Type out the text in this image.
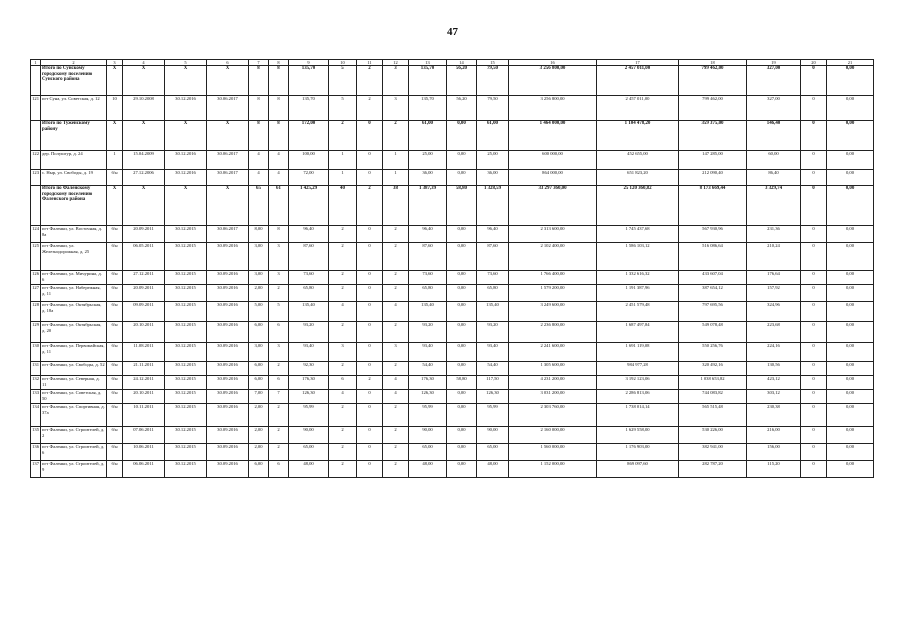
47
1	2	3	4	5	6	7	8	9	10	11	12	13	14	15	16	17	18	19	20	21
	Итого по Сунскому городскому поселению Сунского района	X	X	X	X	8	8	135,70	5	2	3	135,70	56,20	79,50	3 256 800,00	2 457 011,00	799 462,00	327,00	0	0,00
121	пгт Суна, ул. Советская, д. 12	10	29.10.2008	30.12.2016	30.06.2017	8	8	135,70	5	2	3	135,70	56,20	79,50	3 256 800,00	2 457 011,00	799 462,00	327,00	0	0,00
	Итого по Туженскому району	X	X	X	X	8	8	172,00	2	0	2	61,00	0,00	61,00	1 464 000,00	1 104 478,20	359 375,00	146,40	0	0,00
122	дер. Полушгур, д. 24	1	15.04.2009	30.12.2016	30.06.2017	4	4	100,00	1	0	1	25,00	0,00	25,00	600 000,00	452 655,00	147 285,00	60,00	0	0,00
123	с. Ныр, ул. Свободы, д. 19	б/н	27.12.2006	30.12.2016	30.06.2017	4	4	72,00	1	0	1	36,00	0,00	36,00	864 000,00	651 823,20	212 090,40	86,40	0	0,00
	Итого по Фаленскому городскому поселению Фаленского района	X	X	X	X	65	61	1 425,29	40	2	38	1 387,39	58,80	1 328,59	33 297 360,00	25 120 360,82	8 173 669,44	3 329,74	0	0,00
124	пгт Фаленки, ул. Восточная, д. 8а	б/н	20.09.2011	30.12.2015	30.06.2017	8,00	8	96,40	2	0	2	96,40	0,00	96,40	2 313 600,00	1 745 437,68	567 930,96	231,36	0	0,00
125	пгт Фаленки, ул. Железнодорожная, д. 25	б/н	06.05.2011	30.12.2015	30.09.2016	3,00	3	87,60	2	0	2	87,60	0,00	87,60	2 102 400,00	1 586 103,12	516 086,64	210,24	0	0,00
126	пгт Фаленки, ул. Мичурина, д. 6	б/н	27.12.2011	30.12.2015	30.09.2016	3,00	3	73,60	2	0	2	73,60	0,00	73,60	1 766 400,00	1 332 616,32	433 607,04	176,64	0	0,00
127	пгт Фаленки, ул. Набережная, д. 11	б/н	20.09.2011	30.12.2015	30.09.2016	2,00	2	65,80	2	0	2	65,80	0,00	65,80	1 579 200,00	1 191 387,96	387 654,12	157,92	0	0,00
128	пгт Фаленки, ул. Октябрьская, д. 18а	б/н	09.09.2011	30.12.2015	30.09.2016	5,00	5	135,40	4	0	4	135,40	0,00	135,40	3 249 600,00	2 451 579,48	797 695,56	324,96	0	0,00
129	пгт Фаленки, ул. Октябрьская, д. 20	б/н	20.10.2011	30.12.2015	30.09.2016	6,00	6	93,20	2	0	2	93,20	0,00	93,20	2 236 800,00	1 687 497,84	549 078,48	223,68	0	0,00
130	пгт Фаленки, ул. Первомайская, д. 11	б/н	11.08.2011	30.12.2015	30.09.2016	3,00	3	93,40	3	0	3	93,40	0,00	93,40	2 241 600,00	1 691 119,08	550 256,76	224,16	0	0,00
131	пгт Фаленки, ул. Свободы, д. 52	б/н	21.11.2011	30.12.2015	30.09.2016	6,00	2	92,30	2	0	2	54,40	0,00	54,40	1 305 600,00	984 977,28	320 492,16	130,56	0	0,00
132	пгт Фаленки, ул. Северная, д. 11	б/н	24.12.2011	30.12.2015	30.09.2016	6,00	6	176,30	6	2	4	176,30	58,80	117,50	4 231 200,00	3 192 123,06	1 038 653,82	423,12	0	0,00
133	пгт Фаленки, ул. Советская, д. 50	б/н	20.10.2011	30.12.2015	30.09.2016	7,00	7	126,30	4	0	4	126,30	0,00	126,30	3 031 200,00	2 286 813,06	744 083,82	303,12	0	0,00
134	пгт Фаленки, ул. Спортивная, д. 37а	б/н	10.11.2011	30.12.2015	30.09.2016	2,00	2	95,99	2	0	2	95,99	0,00	95,99	2 303 760,00	1 738 014,14	565 515,48	230,38	0	0,00
135	пгт Фаленки, ул. Строителей, д. 2	б/н	07.06.2011	30.12.2015	30.09.2016	2,00	2	90,00	2	0	2	90,00	0,00	90,00	2 160 000,00	1 629 558,00	530 226,00	216,00	0	0,00
136	пгт Фаленки, ул. Строителей, д. 6	б/н	10.06.2011	30.12.2015	30.09.2016	2,00	2	65,00	2	0	2	65,00	0,00	65,00	1 560 000,00	1 176 903,00	382 941,00	156,00	0	0,00
137	пгт Фаленки, ул. Строителей, д. 9	б/н	06.06.2011	30.12.2015	30.09.2016	6,00	6	48,00	2	0	2	48,00	0,00	48,00	1 152 000,00	869 097,60	282 787,20	115,20	0	0,00
